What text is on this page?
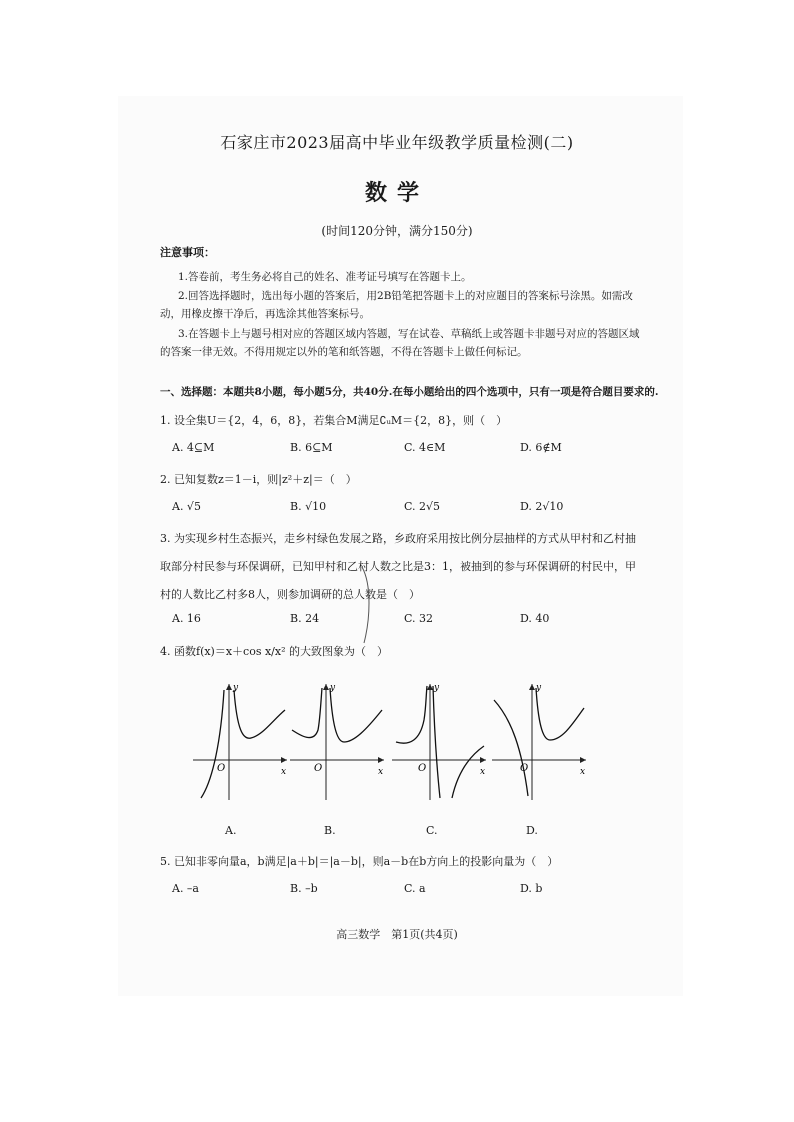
石家庄市2023届高中毕业年级教学质量检测(二)
数学
(时间120分钟，满分150分)
注意事项：
1.答卷前，考生务必将自己的姓名、准考证号填写在答题卡上。
2.回答选择题时，选出每小题的答案后，用2B铅笔把答题卡上的对应题目的答案标号涂黑。如需改动，用橡皮擦干净后，再选涂其他答案标号。
3.在答题卡上与题号相对应的答题区域内答题，写在试卷、草稿纸上或答题卡非题号对应的答题区域的答案一律无效。不得用规定以外的笔和纸答题，不得在答题卡上做任何标记。
一、选择题：本题共8小题，每小题5分，共40分.在每小题给出的四个选项中，只有一项是符合题目要求的.
1. 设全集U＝{2，4，6，8}，若集合M满足∁ᵤM＝{2，8}，则（　）
A. 4⊆M	B. 6⊆M	C. 4∈M	D. 6∉M
2. 已知复数z＝1－i，则|z²＋z|＝（　）
A. √5	B. √10	C. 2√5	D. 2√10
3. 为实现乡村生态振兴，走乡村绿色发展之路，乡政府采用按比例分层抽样的方式从甲村和乙村抽取部分村民参与环保调研，已知甲村和乙村人数之比是3：1，被抽到的参与环保调研的村民中，甲村的人数比乙村多8人，则参加调研的总人数是（　）
A. 16	B. 24	C. 32	D. 40
4. 函数f(x)＝x＋cos x/x² 的大致图象为（　）
y
x
O
y
x
O
y
x
O
y
x
O
A.	B.	C.	D.
5. 已知非零向量a，b满足|a＋b|＝|a－b|，则a－b在b方向上的投影向量为（　）
A. –a	B. –b	C. a	D. b
高三数学　第1页(共4页)
